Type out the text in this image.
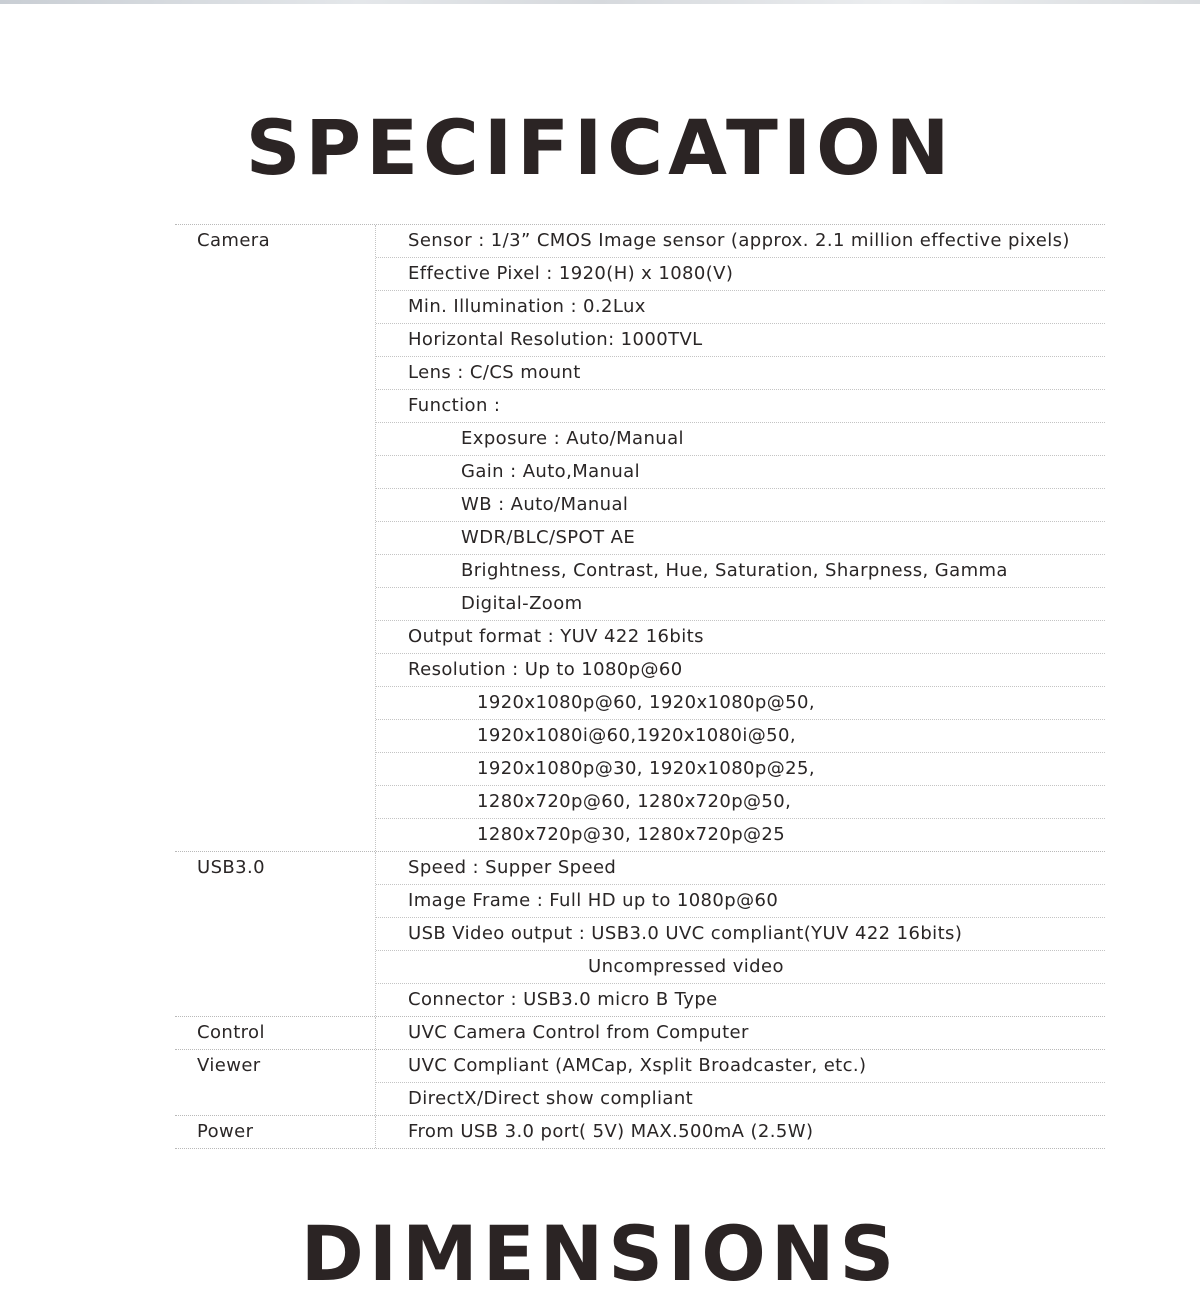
SPECIFICATION
Camera	Sensor : 1/3” CMOS Image sensor (approx. 2.1 million effective pixels)
Effective Pixel : 1920(H) x 1080(V)
Min. Illumination : 0.2Lux
Horizontal Resolution: 1000TVL
Lens : C/CS mount
Function :
Exposure : Auto/Manual
Gain : Auto,Manual
WB : Auto/Manual
WDR/BLC/SPOT AE
Brightness, Contrast, Hue, Saturation, Sharpness, Gamma
Digital-Zoom
Output format : YUV 422 16bits
Resolution : Up to 1080p@60
1920x1080p@60, 1920x1080p@50,
1920x1080i@60,1920x1080i@50,
1920x1080p@30, 1920x1080p@25,
1280x720p@60, 1280x720p@50,
1280x720p@30, 1280x720p@25
USB3.0	Speed : Supper Speed
Image Frame : Full HD up to 1080p@60
USB Video output : USB3.0 UVC compliant(YUV 422 16bits)
Uncompressed video
Connector : USB3.0 micro B Type
Control	UVC Camera Control from Computer
Viewer	UVC Compliant (AMCap, Xsplit Broadcaster, etc.)
DirectX/Direct show compliant
Power	From USB 3.0 port( 5V) MAX.500mA (2.5W)
DIMENSIONS
